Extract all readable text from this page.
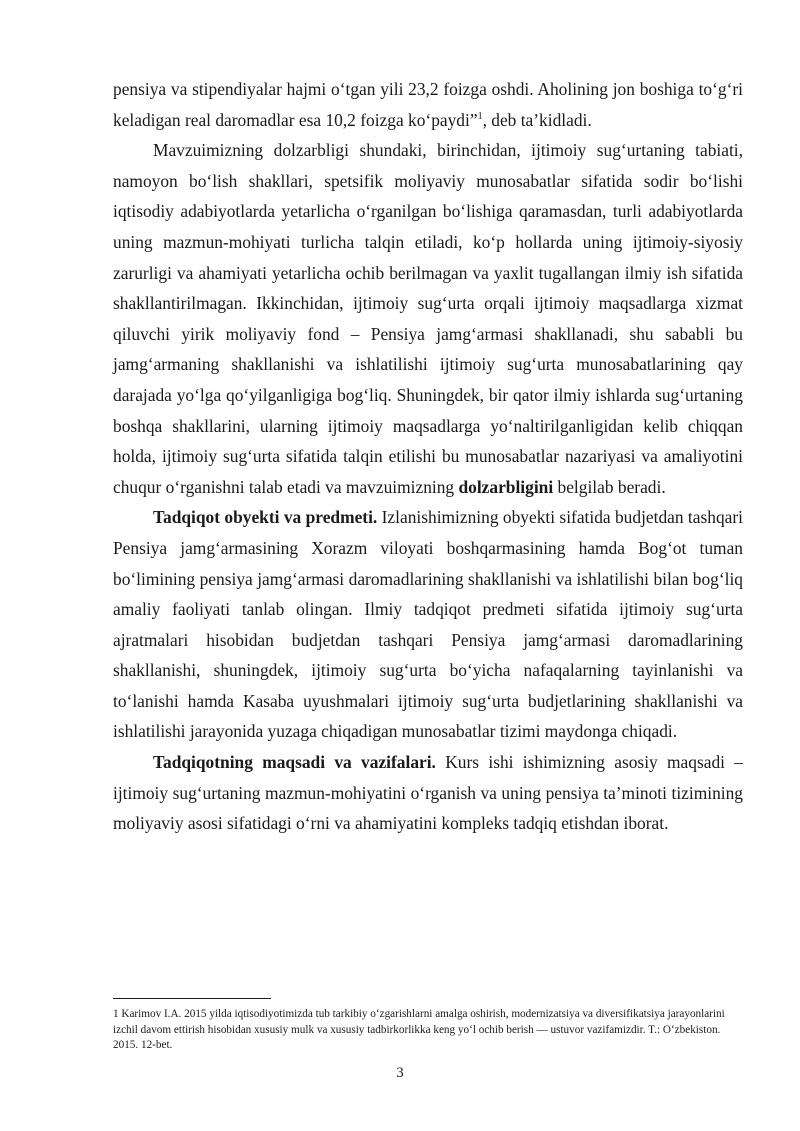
pensiya va stipendiyalar hajmi o‘tgan yili 23,2 foizga oshdi. Aholining jon boshiga to‘g‘ri keladigan real daromadlar esa 10,2 foizga ko‘paydi”$^1$, deb ta’kidladi.

Mavzuimizning dolzarbligi shundaki, birinchidan, ijtimoiy sug‘urtaning tabiati, namoyon bo‘lish shakllari, spetsifik moliyaviy munosabatlar sifatida sodir bo‘lishi iqtisodiy adabiyotlarda yetarlicha o‘rganilgan bo‘lishiga qaramasdan, turli adabiyotlarda uning mazmun-mohiyati turlicha talqin etiladi, ko‘p hollarda uning ijtimoiy-siyosiy zarurligi va ahamiyati yetarlicha ochib berilmagan va yaxlit tugallangan ilmiy ish sifatida shakllantirilmagan. Ikkinchidan, ijtimoiy sug‘urta orqali ijtimoiy maqsadlarga xizmat qiluvchi yirik moliyaviy fond – Pensiya jamg‘armasi shakllanadi, shu sababli bu jamg‘armaning shakllanishi va ishlatilishi ijtimoiy sug‘urta munosabatlarining qay darajada yo‘lga qo‘yilganligiga bog‘liq. Shuningdek, bir qator ilmiy ishlarda sug‘urtaning boshqa shakllarini, ularning ijtimoiy maqsadlarga yo‘naltirilganligidan kelib chiqqan holda, ijtimoiy sug‘urta sifatida talqin etilishi bu munosabatlar nazariyasi va amaliyotini chuqur o‘rganishni talab etadi va mavzuimizning dolzarbligini belgilab beradi.

Tadqiqot obyekti va predmeti. Izlanishimizning obyekti sifatida budjetdan tashqari Pensiya jamg‘armasining Xorazm viloyati boshqarmasining hamda Bog‘ot tuman bo‘limining pensiya jamg‘armasi daromadlarining shakllanishi va ishlatilishi bilan bog‘liq amaliy faoliyati tanlab olingan. Ilmiy tadqiqot predmeti sifatida ijtimoiy sug‘urta ajratmalari hisobidan budjetdan tashqari Pensiya jamg‘armasi daromadlarining shakllanishi, shuningdek, ijtimoiy sug‘urta bo‘yicha nafaqalarning tayinlanishi va to‘lanishi hamda Kasaba uyushmalari ijtimoiy sug‘urta budjetlarining shakllanishi va ishlatilishi jarayonida yuzaga chiqadigan munosabatlar tizimi maydonga chiqadi.

Tadqiqotning maqsadi va vazifalari. Kurs ishi ishimizning asosiy maqsadi – ijtimoiy sug‘urtaning mazmun-mohiyatini o‘rganish va uning pensiya ta’minoti tizimining moliyaviy asosi sifatidagi o‘rni va ahamiyatini kompleks tadqiq etishdan iborat.

1 Karimov I.A. 2015 yilda iqtisodiyotimizda tub tarkibiy o‘zgarishlarni amalga oshirish, modernizatsiya va diversifikatsiya jarayonlarini izchil davom ettirish hisobidan xususiy mulk va xususiy tadbirkorlikka keng yo‘l ochib berish — ustuvor vazifamizdir. T.: O‘zbekiston. 2015. 12-bet.
3
